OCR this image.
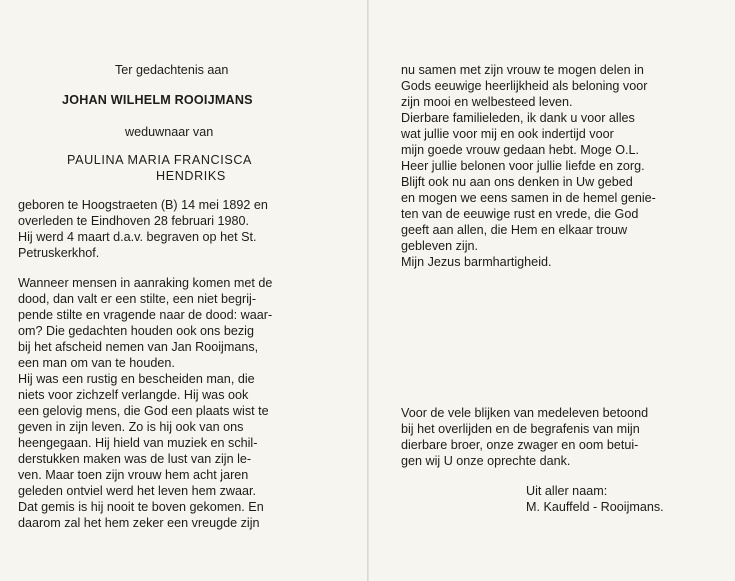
Ter gedachtenis aan
JOHAN WILHELM ROOIJMANS
weduwnaar van
PAULINA MARIA FRANCISCA
HENDRIKS
geboren te Hoogstraeten (B) 14 mei 1892 en
overleden te Eindhoven 28 februari 1980.
Hij werd 4 maart d.a.v. begraven op het St.
Petruskerkhof.
Wanneer mensen in aanraking komen met de
dood, dan valt er een stilte, een niet begrij-
pende stilte en vragende naar de dood: waar-
om? Die gedachten houden ook ons bezig
bij het afscheid nemen van Jan Rooijmans,
een man om van te houden.
Hij was een rustig en bescheiden man, die
niets voor zichzelf verlangde. Hij was ook
een gelovig mens, die God een plaats wist te
geven in zijn leven. Zo is hij ook van ons
heengegaan. Hij hield van muziek en schil-
derstukken maken was de lust van zijn le-
ven. Maar toen zijn vrouw hem acht jaren
geleden ontviel werd het leven hem zwaar.
Dat gemis is hij nooit te boven gekomen. En
daarom zal het hem zeker een vreugde zijn
nu samen met zijn vrouw te mogen delen in
Gods eeuwige heerlijkheid als beloning voor
zijn mooi en welbesteed leven.
Dierbare familieleden, ik dank u voor alles
wat jullie voor mij en ook indertijd voor
mijn goede vrouw gedaan hebt. Moge O.L.
Heer jullie belonen voor jullie liefde en zorg.
Blijft ook nu aan ons denken in Uw gebed
en mogen we eens samen in de hemel genie-
ten van de eeuwige rust en vrede, die God
geeft aan allen, die Hem en elkaar trouw
gebleven zijn.
Mijn Jezus barmhartigheid.
Voor de vele blijken van medeleven betoond
bij het overlijden en de begrafenis van mijn
dierbare broer, onze zwager en oom betui-
gen wij U onze oprechte dank.
Uit aller naam:
M. Kauffeld - Rooijmans.
